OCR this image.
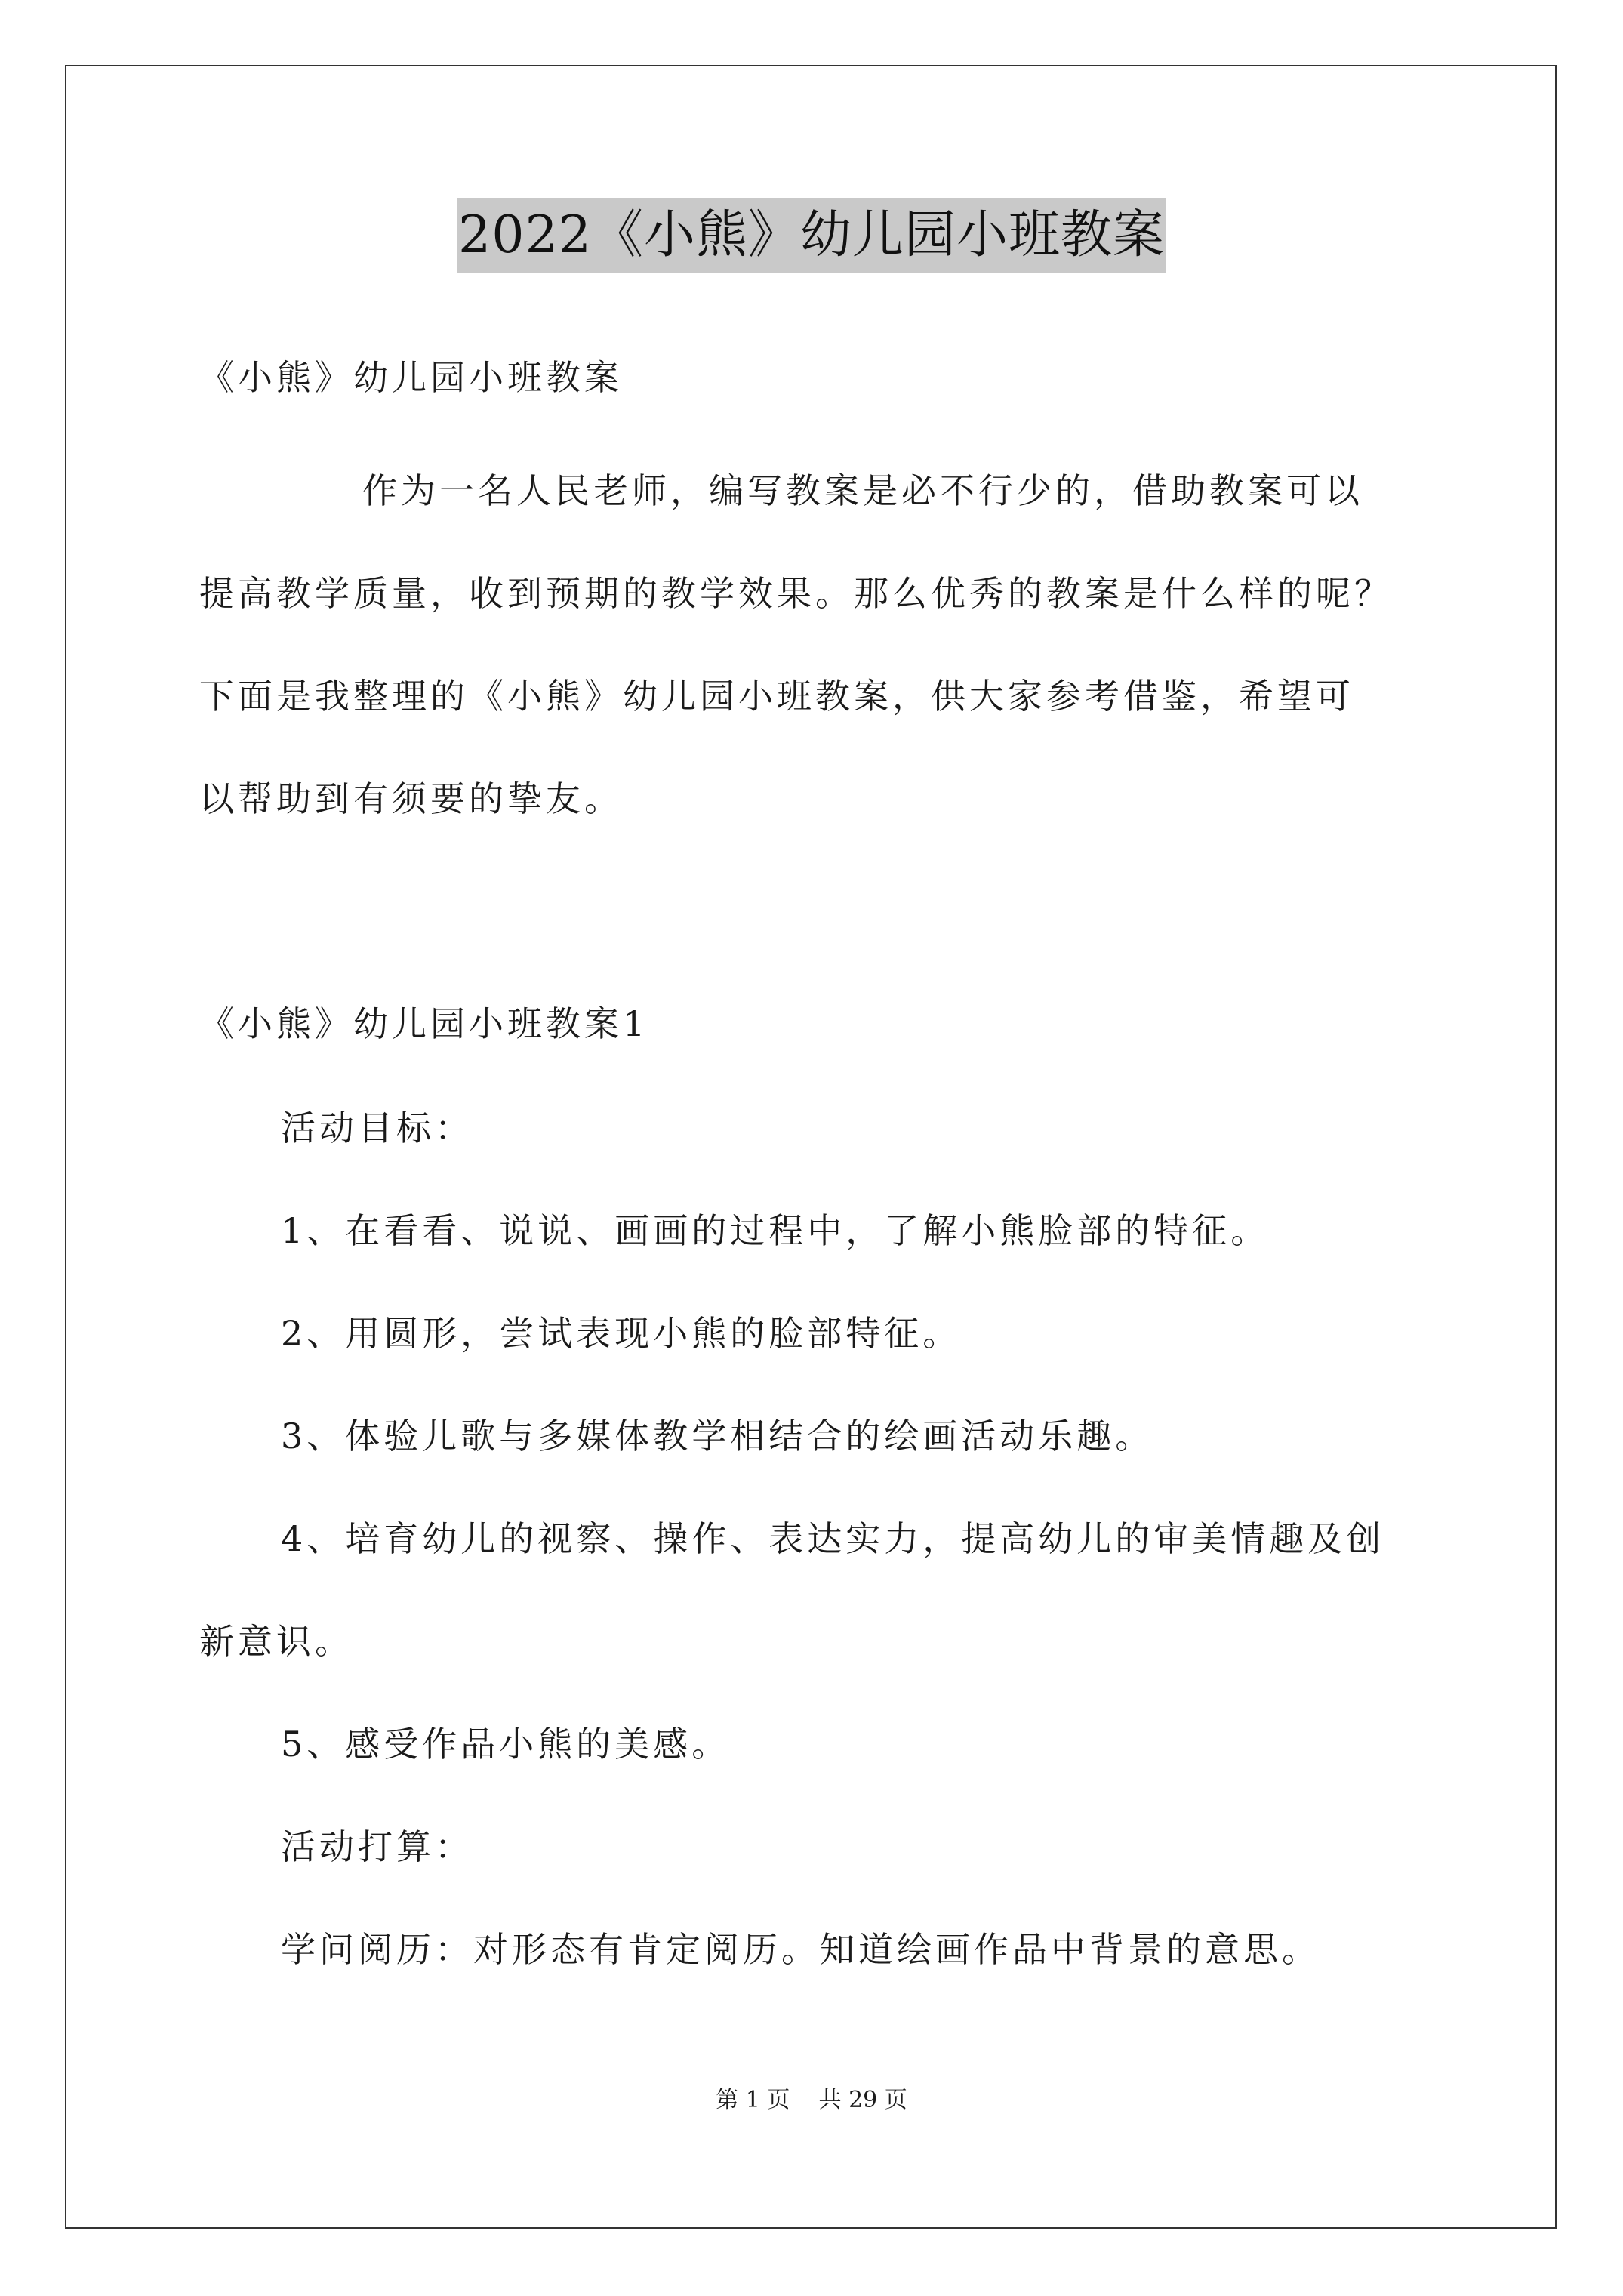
2022《小熊》幼儿园小班教案

《小熊》幼儿园小班教案

作为一名人民老师，编写教案是必不行少的，借助教案可以

提高教学质量，收到预期的教学效果。那么优秀的教案是什么样的呢？

下面是我整理的《小熊》幼儿园小班教案，供大家参考借鉴，希望可

以帮助到有须要的挚友。

《小熊》幼儿园小班教案1

活动目标：

1、在看看、说说、画画的过程中，了解小熊脸部的特征。

2、用圆形，尝试表现小熊的脸部特征。

3、体验儿歌与多媒体教学相结合的绘画活动乐趣。

4、培育幼儿的视察、操作、表达实力，提高幼儿的审美情趣及创

新意识。

5、感受作品小熊的美感。

活动打算：

学问阅历：对形态有肯定阅历。知道绘画作品中背景的意思。

第 1 页 共 29 页
